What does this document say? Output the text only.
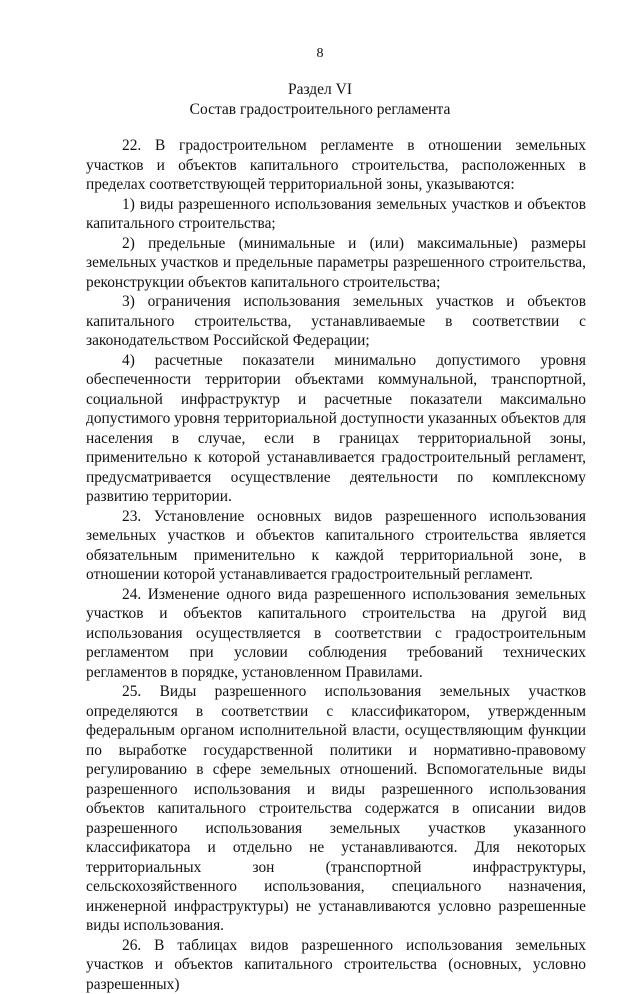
8
Раздел VI
Состав градостроительного регламента

22. В градостроительном регламенте в отношении земельных участков и объектов капитального строительства, расположенных в пределах соответствующей территориальной зоны, указываются:

1) виды разрешенного использования земельных участков и объектов капитального строительства;

2) предельные (минимальные и (или) максимальные) размеры земельных участков и предельные параметры разрешенного строительства, реконструкции объектов капитального строительства;

3) ограничения использования земельных участков и объектов капитального строительства, устанавливаемые в соответствии с законодательством Российской Федерации;

4) расчетные показатели минимально допустимого уровня обеспеченности территории объектами коммунальной, транспортной, социальной инфраструктур и расчетные показатели максимально допустимого уровня территориальной доступности указанных объектов для населения в случае, если в границах территориальной зоны, применительно к которой устанавливается градостроительный регламент, предусматривается осуществление деятельности по комплексному развитию территории.

23. Установление основных видов разрешенного использования земельных участков и объектов капитального строительства является обязательным применительно к каждой территориальной зоне, в отношении которой устанавливается градостроительный регламент.

24. Изменение одного вида разрешенного использования земельных участков и объектов капитального строительства на другой вид использования осуществляется в соответствии с градостроительным регламентом при условии соблюдения требований технических регламентов в порядке, установленном Правилами.

25. Виды разрешенного использования земельных участков определяются в соответствии с классификатором, утвержденным федеральным органом исполнительной власти, осуществляющим функции по выработке государственной политики и нормативно-правовому регулированию в сфере земельных отношений. Вспомогательные виды разрешенного использования и виды разрешенного использования объектов капитального строительства содержатся в описании видов разрешенного использования земельных участков указанного классификатора и отдельно не устанавливаются. Для некоторых территориальных зон (транспортной инфраструктуры, сельскохозяйственного использования, специального назначения, инженерной инфраструктуры) не устанавливаются условно разрешенные виды использования.

26. В таблицах видов разрешенного использования земельных участков и объектов капитального строительства (основных, условно разрешенных)
